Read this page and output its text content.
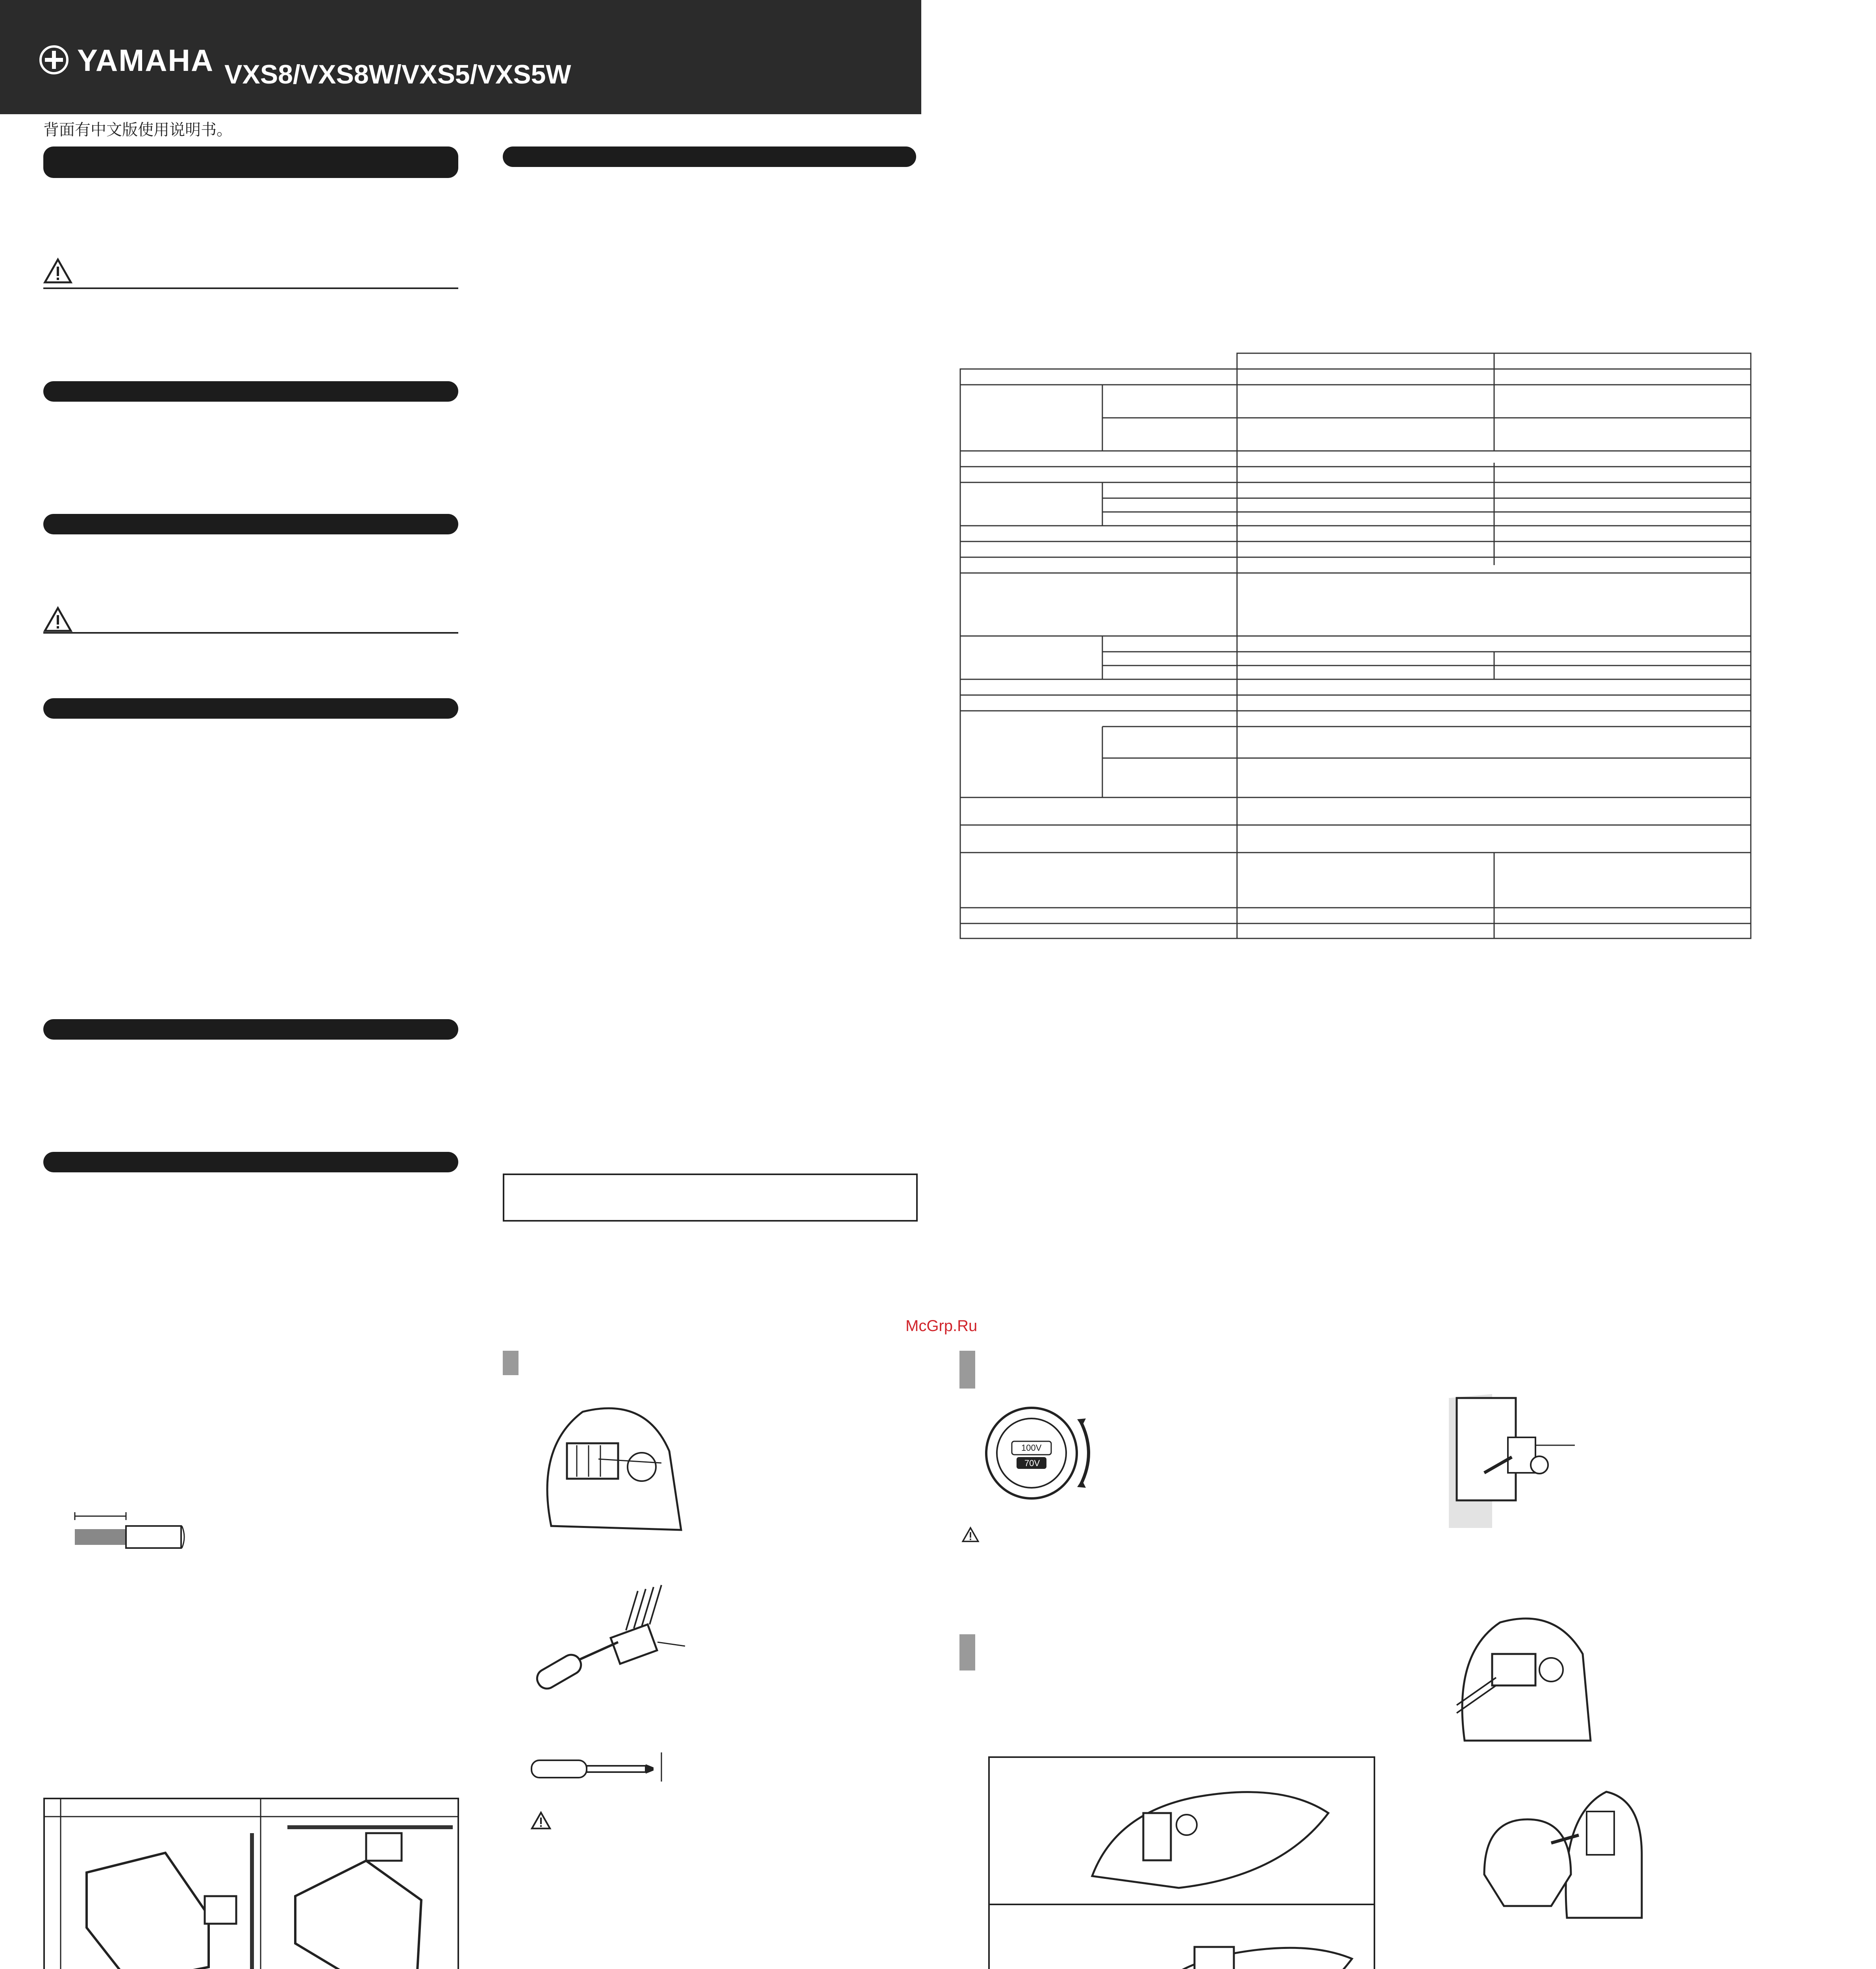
YAMAHA VXS8/VXS8W/VXS5/VXS5W
背面有中文版使用说明书。
McGrp.Ru
100V
70V
